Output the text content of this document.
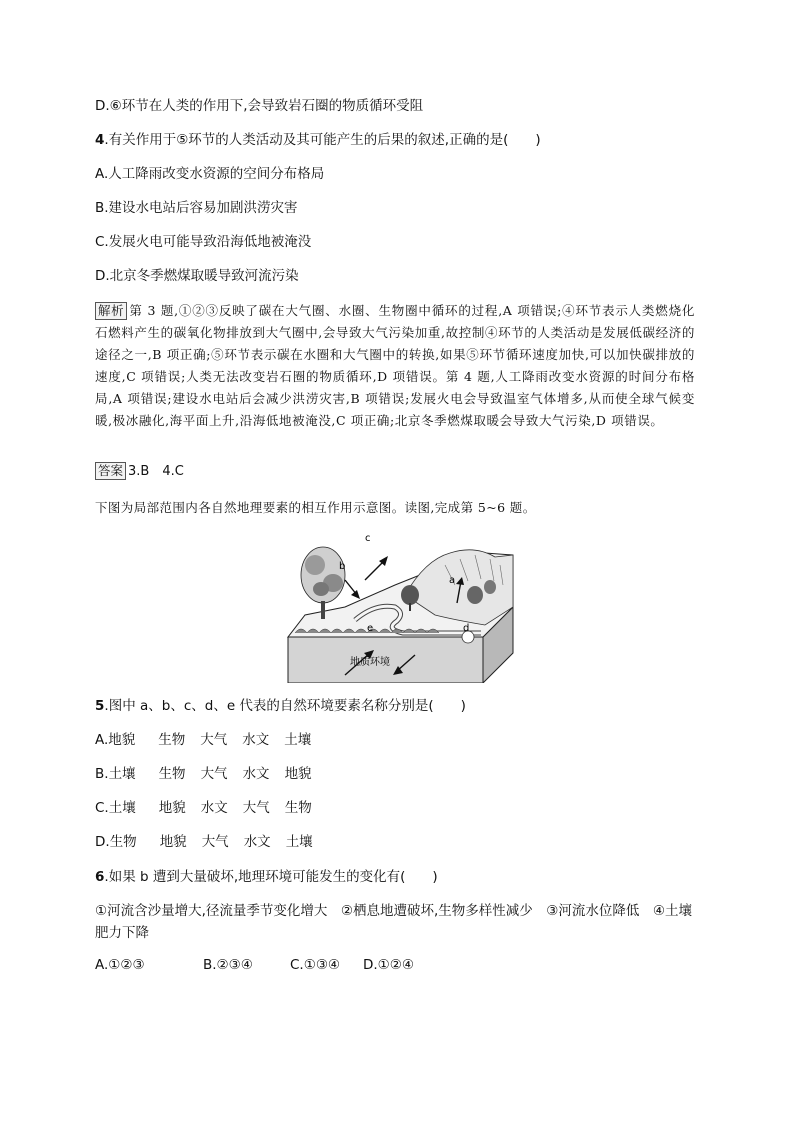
D.⑥环节在人类的作用下,会导致岩石圈的物质循环受阻
4.有关作用于⑤环节的人类活动及其可能产生的后果的叙述,正确的是(　　)
A.人工降雨改变水资源的空间分布格局
B.建设水电站后容易加剧洪涝灾害
C.发展火电可能导致沿海低地被淹没
D.北京冬季燃煤取暖导致河流污染
解析 第 3 题,①②③反映了碳在大气圈、水圈、生物圈中循环的过程,A 项错误;④环节表示人类燃烧化石燃料产生的碳氧化物排放到大气圈中,会导致大气污染加重,故控制④环节的人类活动是发展低碳经济的途径之一,B 项正确;⑤环节表示碳在水圈和大气圈中的转换,如果⑤环节循环速度加快,可以加快碳排放的速度,C 项错误;人类无法改变岩石圈的物质循环,D 项错误。第 4 题,人工降雨改变水资源的时间分布格局,A 项错误;建设水电站后会减少洪涝灾害,B 项错误;发展火电会导致温室气体增多,从而使全球气候变暖,极冰融化,海平面上升,沿海低地被淹没,C 项正确;北京冬季燃煤取暖会导致大气污染,D 项错误。
答案 3.B　4.C
下图为局部范围内各自然地理要素的相互作用示意图。读图,完成第 5~6 题。
c
b
a
e	d
地质环境
5.图中 a、b、c、d、e 代表的自然环境要素名称分别是(　　)
A.地貌 生物 大气 水文 土壤
B.土壤 生物 大气 水文 地貌
C.土壤 地貌 水文 大气 生物
D.生物 地貌 大气 水文 土壤
6.如果 b 遭到大量破坏,地理环境可能发生的变化有(　　)
①河流含沙量增大,径流量季节变化增大　②栖息地遭破坏,生物多样性减少　③河流水位降低　④土壤肥力下降
A.①②③	B.②③④	C.①③④ D.①②④
